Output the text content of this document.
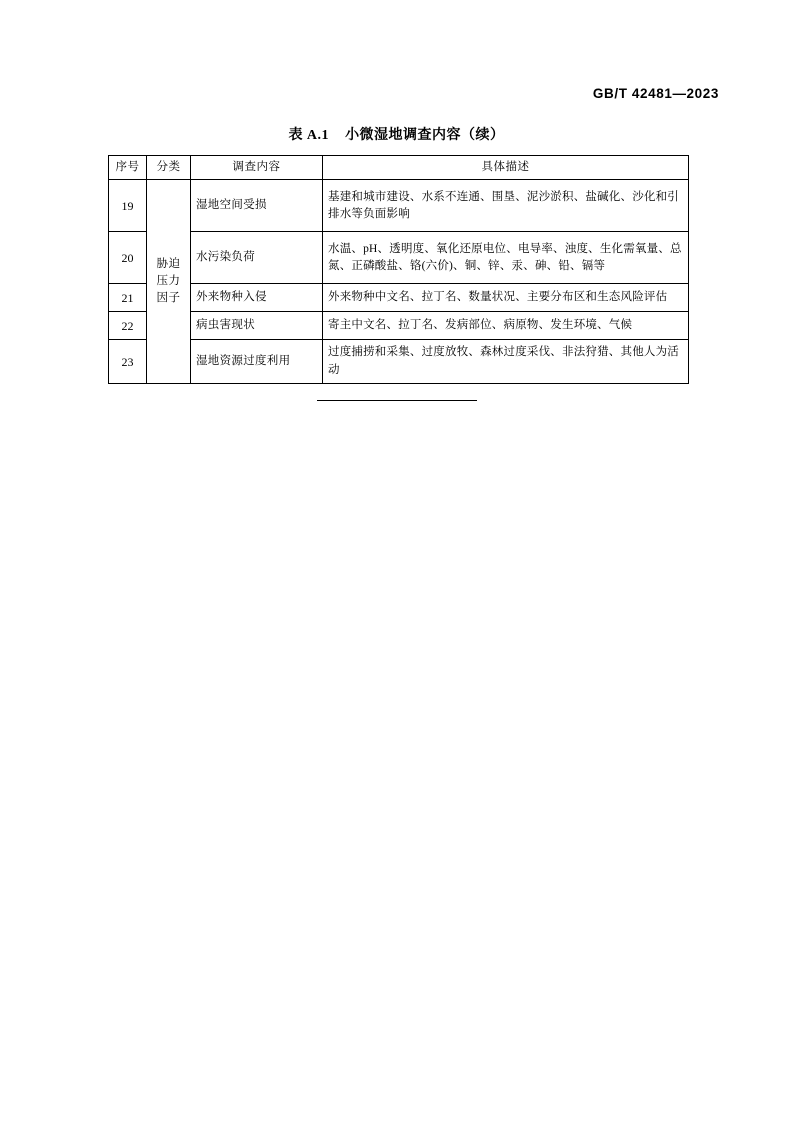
GB/T 42481—2023
表 A.1 小微湿地调查内容（续）
序号	分类	调查内容	具体描述
19	胁迫
压力
因子	湿地空间受损	基建和城市建设、水系不连通、围垦、泥沙淤积、盐碱化、沙化和引排水等负面影响
20		水污染负荷	水温、pH、透明度、氧化还原电位、电导率、浊度、生化需氧量、总氮、正磷酸盐、铬(六价)、铜、锌、汞、砷、铅、镉等
21		外来物种入侵	外来物种中文名、拉丁名、数量状况、主要分布区和生态风险评估
22		病虫害现状	寄主中文名、拉丁名、发病部位、病原物、发生环境、气候
23		湿地资源过度利用	过度捕捞和采集、过度放牧、森林过度采伐、非法狩猎、其他人为活动
